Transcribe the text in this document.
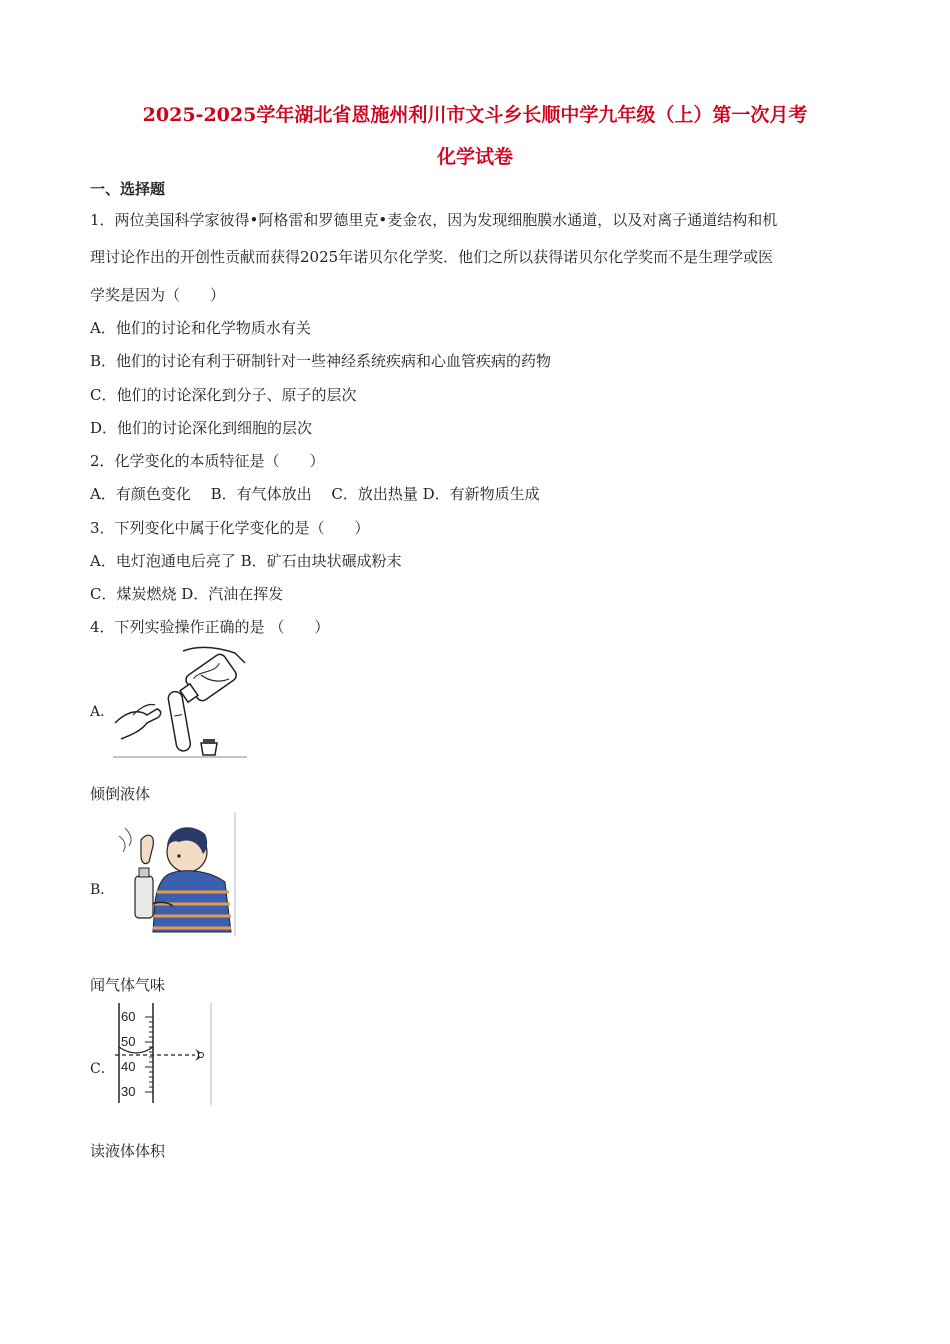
2025-2025学年湖北省恩施州利川市文斗乡长顺中学九年级（上）第一次月考
化学试卷
一、选择题
1．两位美国科学家彼得•阿格雷和罗德里克•麦金农，因为发现细胞膜水通道，以及对离子通道结构和机
理讨论作出的开创性贡献而获得2025年诺贝尔化学奖．他们之所以获得诺贝尔化学奖而不是生理学或医
学奖是因为（　　）
A．他们的讨论和化学物质水有关
B．他们的讨论有利于研制针对一些神经系统疾病和心血管疾病的药物
C．他们的讨论深化到分子、原子的层次
D．他们的讨论深化到细胞的层次
2．化学变化的本质特征是（　　）
A．有颜色变化　 B．有气体放出　 C．放出热量 D．有新物质生成
3．下列变化中属于化学变化的是（　　）
A．电灯泡通电后亮了 B．矿石由块状碾成粉末
C．煤炭燃烧 D．汽油在挥发
4．下列实验操作正确的是 （　　）
A．
倾倒液体
B．
闻气体气味
C．
60
50
40
30
读液体体积
